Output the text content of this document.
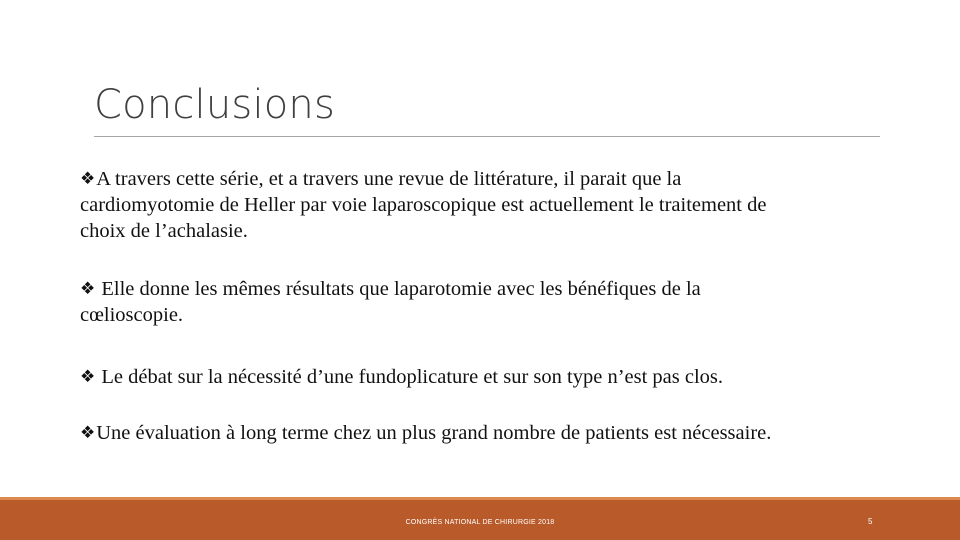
Conclusions
❖A travers cette série, et a travers une revue de littérature, il parait que la
cardiomyotomie de Heller par voie laparoscopique est actuellement le traitement de
choix de l’achalasie.
❖ Elle donne les mêmes résultats que laparotomie avec les bénéfiques de la
cœlioscopie.
❖ Le débat sur la nécessité d’une fundoplicature et sur son type n’est pas clos.
❖Une évaluation à long terme chez un plus grand nombre de patients est nécessaire.
CONGRÈS NATIONAL DE CHIRURGIE 2018	5
